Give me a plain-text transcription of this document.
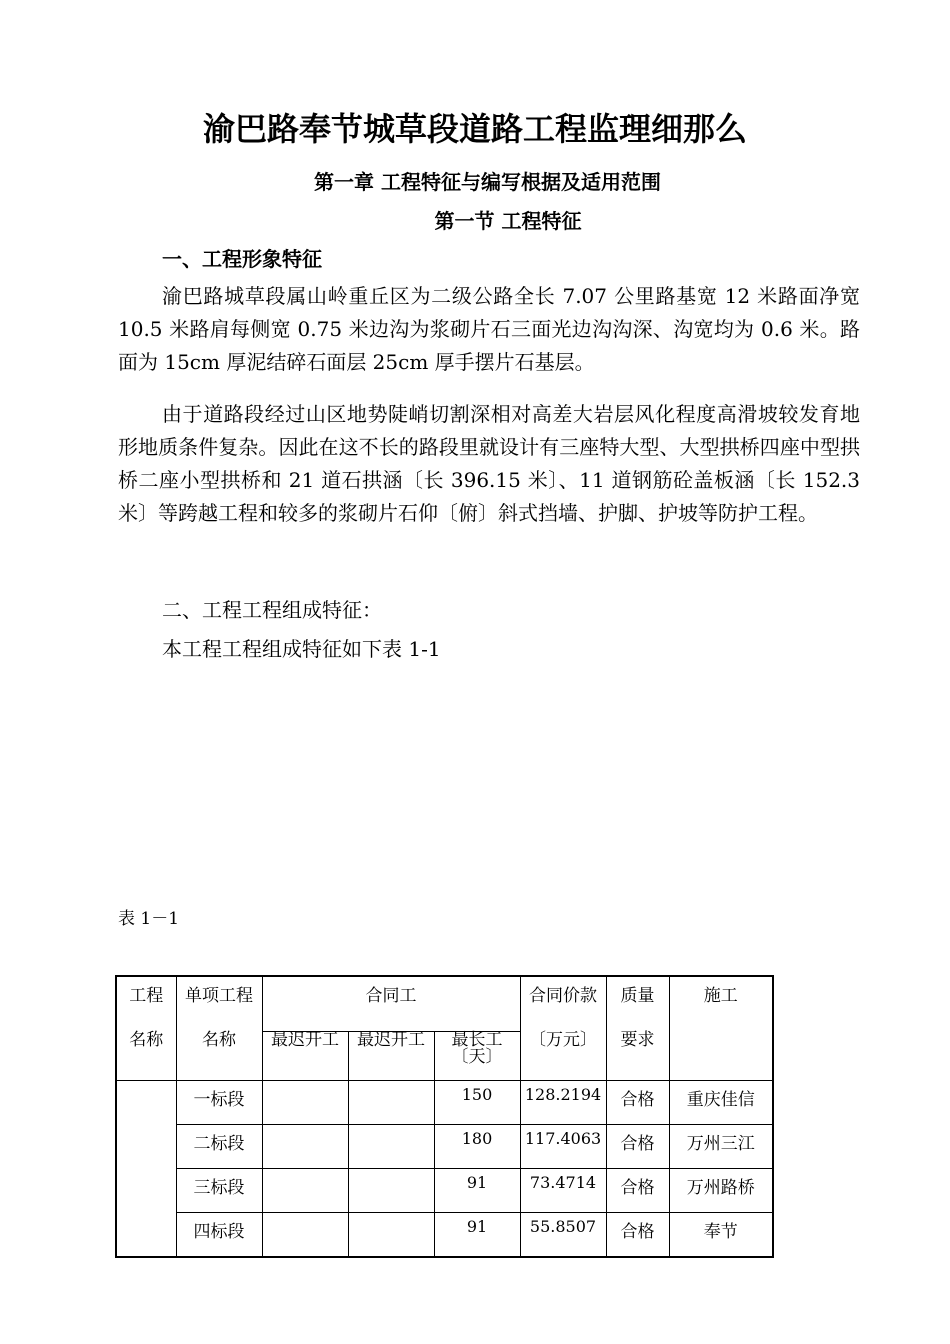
渝巴路奉节城草段道路工程监理细那么
第一章 工程特征与编写根据及适用范围
第一节 工程特征
一、工程形象特征
渝巴路城草段属山岭重丘区为二级公路全长 7.07 公里路基宽 12 米路面净宽 10.5 米路肩每侧宽 0.75 米边沟为浆砌片石三面光边沟沟深、沟宽均为 0.6 米。路面为 15cm 厚泥结碎石面层 25cm 厚手摆片石基层。
由于道路段经过山区地势陡峭切割深相对高差大岩层风化程度高滑坡较发育地形地质条件复杂。因此在这不长的路段里就设计有三座特大型、大型拱桥四座中型拱桥二座小型拱桥和 21 道石拱涵〔长 396.15 米〕、11 道钢筋砼盖板涵〔长 152.3 米〕等跨越工程和较多的浆砌片石仰〔俯〕斜式挡墙、护脚、护坡等防护工程。
二、工程工程组成特征：
本工程工程组成特征如下表 1-1
表 1－1
工程	单项工程	合同工			合同价款	质量	施工
名称	名称	最迟开工	最迟开工	最长工〔天〕	〔万元〕	要求	
	一标段			150	128.2194	合格	重庆佳信
	二标段			180	117.4063	合格	万州三江
	三标段			91	73.4714	合格	万州路桥
	四标段			91	55.8507	合格	奉节
